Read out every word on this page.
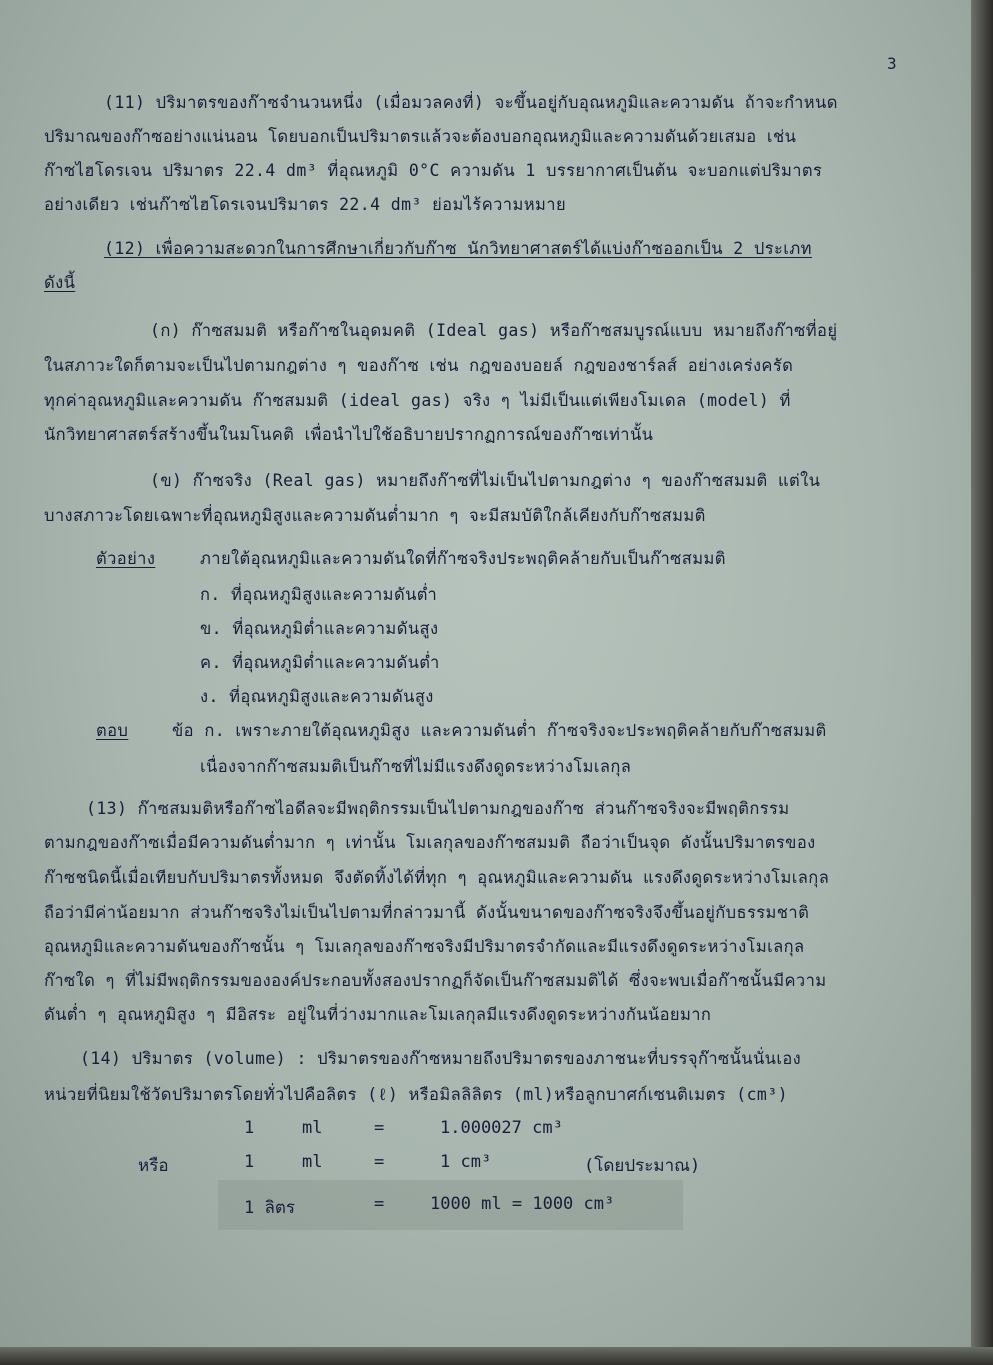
3
(11) ปริมาตรของก๊าซจำนวนหนึ่ง (เมื่อมวลคงที่) จะขึ้นอยู่กับอุณหภูมิและความดัน ถ้าจะกำหนด
ปริมาณของก๊าซอย่างแน่นอน โดยบอกเป็นปริมาตรแล้วจะต้องบอกอุณหภูมิและความดันด้วยเสมอ เช่น
ก๊าซไฮโดรเจน ปริมาตร 22.4 dm³ ที่อุณหภูมิ 0°C ความดัน 1 บรรยากาศเป็นต้น จะบอกแต่ปริมาตร
อย่างเดียว เช่นก๊าซไฮโดรเจนปริมาตร 22.4 dm³ ย่อมไร้ความหมาย
(12) เพื่อความสะดวกในการศึกษาเกี่ยวกับก๊าซ นักวิทยาศาสตร์ได้แบ่งก๊าซออกเป็น 2 ประเภท
ดังนี้
(ก) ก๊าซสมมติ หรือก๊าซในอุดมคติ (Ideal gas) หรือก๊าซสมบูรณ์แบบ หมายถึงก๊าซที่อยู่
ในสภาวะใดก็ตามจะเป็นไปตามกฎต่าง ๆ ของก๊าซ เช่น กฎของบอยล์ กฎของชาร์ลส์ อย่างเคร่งครัด
ทุกค่าอุณหภูมิและความดัน ก๊าซสมมติ (ideal gas) จริง ๆ ไม่มีเป็นแต่เพียงโมเดล (model) ที่
นักวิทยาศาสตร์สร้างขึ้นในมโนคติ เพื่อนำไปใช้อธิบายปรากฏการณ์ของก๊าซเท่านั้น
(ข) ก๊าซจริง (Real gas) หมายถึงก๊าซที่ไม่เป็นไปตามกฎต่าง ๆ ของก๊าซสมมติ แต่ใน
บางสภาวะโดยเฉพาะที่อุณหภูมิสูงและความดันต่ำมาก ๆ จะมีสมบัติใกล้เคียงกับก๊าซสมมติ
ตัวอย่าง	ภายใต้อุณหภูมิและความดันใดที่ก๊าซจริงประพฤติคล้ายกับเป็นก๊าซสมมติ
ก. ที่อุณหภูมิสูงและความดันต่ำ
ข. ที่อุณหภูมิต่ำและความดันสูง
ค. ที่อุณหภูมิต่ำและความดันต่ำ
ง. ที่อุณหภูมิสูงและความดันสูง
ตอบ	ข้อ ก. เพราะภายใต้อุณหภูมิสูง และความดันต่ำ ก๊าซจริงจะประพฤติคล้ายกับก๊าซสมมติ
เนื่องจากก๊าซสมมติเป็นก๊าซที่ไม่มีแรงดึงดูดระหว่างโมเลกุล
(13) ก๊าซสมมติหรือก๊าซไอดีลจะมีพฤติกรรมเป็นไปตามกฎของก๊าซ ส่วนก๊าซจริงจะมีพฤติกรรม
ตามกฎของก๊าซเมื่อมีความดันต่ำมาก ๆ เท่านั้น โมเลกุลของก๊าซสมมติ ถือว่าเป็นจุด ดังนั้นปริมาตรของ
ก๊าซชนิดนี้เมื่อเทียบกับปริมาตรทั้งหมด จึงตัดทิ้งได้ที่ทุก ๆ อุณหภูมิและความดัน แรงดึงดูดระหว่างโมเลกุล
ถือว่ามีค่าน้อยมาก ส่วนก๊าซจริงไม่เป็นไปตามที่กล่าวมานี้ ดังนั้นขนาดของก๊าซจริงจึงขึ้นอยู่กับธรรมชาติ
อุณหภูมิและความดันของก๊าซนั้น ๆ โมเลกุลของก๊าซจริงมีปริมาตรจำกัดและมีแรงดึงดูดระหว่างโมเลกุล
ก๊าซใด ๆ ที่ไม่มีพฤติกรรมขององค์ประกอบทั้งสองปรากฏก็จัดเป็นก๊าซสมมติได้ ซึ่งจะพบเมื่อก๊าซนั้นมีความ
ดันต่ำ ๆ อุณหภูมิสูง ๆ มีอิสระ อยู่ในที่ว่างมากและโมเลกุลมีแรงดึงดูดระหว่างกันน้อยมาก
(14) ปริมาตร (volume) : ปริมาตรของก๊าซหมายถึงปริมาตรของภาชนะที่บรรจุก๊าซนั้นนั่นเอง
หน่วยที่นิยมใช้วัดปริมาตรโดยทั่วไปคือลิตร (ℓ) หรือมิลลิลิตร (ml)หรือลูกบาศก์เซนติเมตร (cm³)
1	ml	=	1.000027 cm³
หรือ	1	ml	=	1 cm³	(โดยประมาณ)
1 ลิตร	=	1000 ml = 1000 cm³
